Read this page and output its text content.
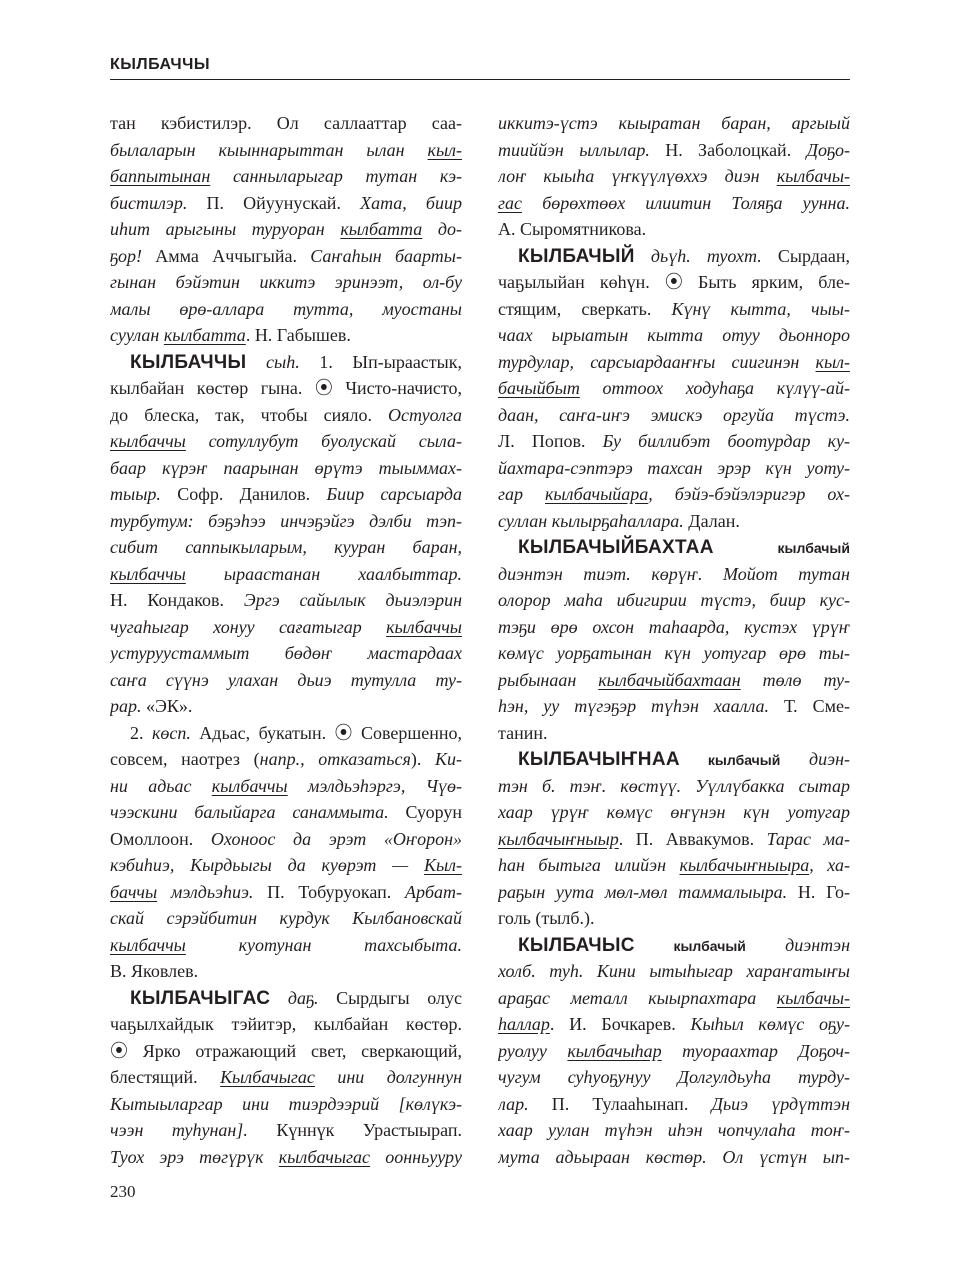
КЫЛБАЧЧЫ
тан кэбистилэр. Ол саллааттар саа-
былаларын кыыннарыттан ылан кыл-
баппытынан санныларыгар тутан кэ-
бистилэр. П. Ойуунускай. Хата, биир
иһит арыгыны туруоран кылбатта до-
ҕор! Амма Аччыгыйа. Саҥаһын баарты-
гынан бэйэтин иккитэ эринээт, ол-бу
малы өрө-аллара тутта, муостаны
суулан кылбатта. Н. Габышев.
КЫЛБАЧЧЫ сыһ. 1. Ып-ыраастык,
кылбайан көстөр гына. ⦿ Чисто-начисто,
до блеска, так, чтобы сияло. Остуолга
кылбаччы сотуллубут буолускай сыла-
баар күрэҥ паарынан өрүтэ тыыммах-
тыыр. Софр. Данилов. Биир сарсыарда
турбутум: бэҕэһээ инчэҕэйгэ дэлби тэп-
сибит саппыкыларым, кууран баран,
кылбаччы ыраастанан хаалбыттар.
Н. Кондаков. Эргэ сайылык дьиэлэрин
чугаһыгар хонуу сағатыгар кылбаччы
устуруустаммыт бөдөҥ мастардаах
саҥа сүүнэ улахан дьиэ тутулла ту-
рар. «ЭК».
2. көсп. Адьас, букатын. ⦿ Совершенно,
совсем, наотрез (напр., отказаться). Ки-
ни адьас кылбаччы мэлдьэһэргэ, Чүө-
чээскини балыйарга санаммыта. Суорун
Омоллоон. Охоноос да эрэт «Оҥорон»
кэбиһиэ, Кырдьыгы да куөрэт — Кыл-
баччы мэлдьэһиэ. П. Тобуруокап. Арбат-
скай сэрэйбитин курдук Кылбановскай
кылбаччы куотунан тахсыбыта.
В. Яковлев.
КЫЛБАЧЫГАС даҕ. Сырдыгы олус
чаҕылхайдык тэйитэр, кылбайан көстөр.
⦿ Ярко отражающий свет, сверкающий,
блестящий. Кылбачыгас ини долгуннун
Кытыыларгар ини тиэрдээрий [көлүкэ-
чээн туһунан]. Күннүк Урастыырап.
Туох эрэ төгүрүк кылбачыгас оонньуурy
иккитэ-үстэ кыыратан баран, аргыый
тииййэн ыллылар. Н. Заболоцкай. Доҕо-
лоҥ кыыһа үҥкүүлүөххэ диэн кылбачы-
гас бөрөхтөөх илиитин Толяҕа ууннa.
А. Сыромятникова.
КЫЛБАЧЫЙ дьүһ. туохт. Сырдаан,
чаҕылыйан көһүн. ⦿ Быть ярким, бле-
стящим, сверкать. Күнү кытта, чыы-
чаах ырыатын кытта отуу дьонноро
турдулар, сарсыардааҥҥы сиигинэн кыл-
бачыйбыт оттоох ходуһаҕа күлүү-ай-
даан, саҥа-иҥэ эмискэ оргуйа түстэ.
Л. Попов. Бу биллибэт боотурдар ку-
йахтара-сэптэрэ тахсан эрэр күн уоту-
гар кылбачыйара, бэйэ-бэйэлэригэр ох-
суллан кылырҕаһаллара. Далан.
КЫЛБАЧЫЙБАХТАА кылбачый
диэнтэн тиэт. көрүҥ. Мойот тутан
олорор маһа ибигирии түстэ, биир кус-
тэҕи өрө охсон таһаарда, кустэх үрүҥ
көмүс уорҕатынан күн уотугар өрө ты-
рыбынаан кылбачыйбахтаан төлө ту-
һэн, уу түгэҕэр түһэн хаалла. Т. Сме-
танин.
КЫЛБАЧЫҤНАА кылбачый диэн-
тэн б. тэҥ. көстүү. Уүллүбакка сытар
хаар үрүҥ көмүс өҥүнэн күн уотугар
кылбачыҥныыр. П. Аввакумов. Тарас ма-
һан бытыга илийэн кылбачыҥныыра, ха-
раҕын уута мөл-мөл таммалыыра. Н. Го-
голь (тылб.).
КЫЛБАЧЫС кылбачый диэнтэн
холб. туһ. Кини ытыһыгар хараҥатыҥы
араҕас металл кыырпахтара кылбачы-
һаллар. И. Бочкарев. Кыһыл көмүс оҕу-
руолуу кылбачыһар туораахтар Доҕоч-
чугум суһуоҕунуу Долгулдьуһа турду-
лар. П. Тулааһынап. Дьиэ үрдүттэн
хаар уулан түһэн иһэн чопчулаһа тоҥ-
мута адьыраан көстөр. Ол үстүн ып-
230
